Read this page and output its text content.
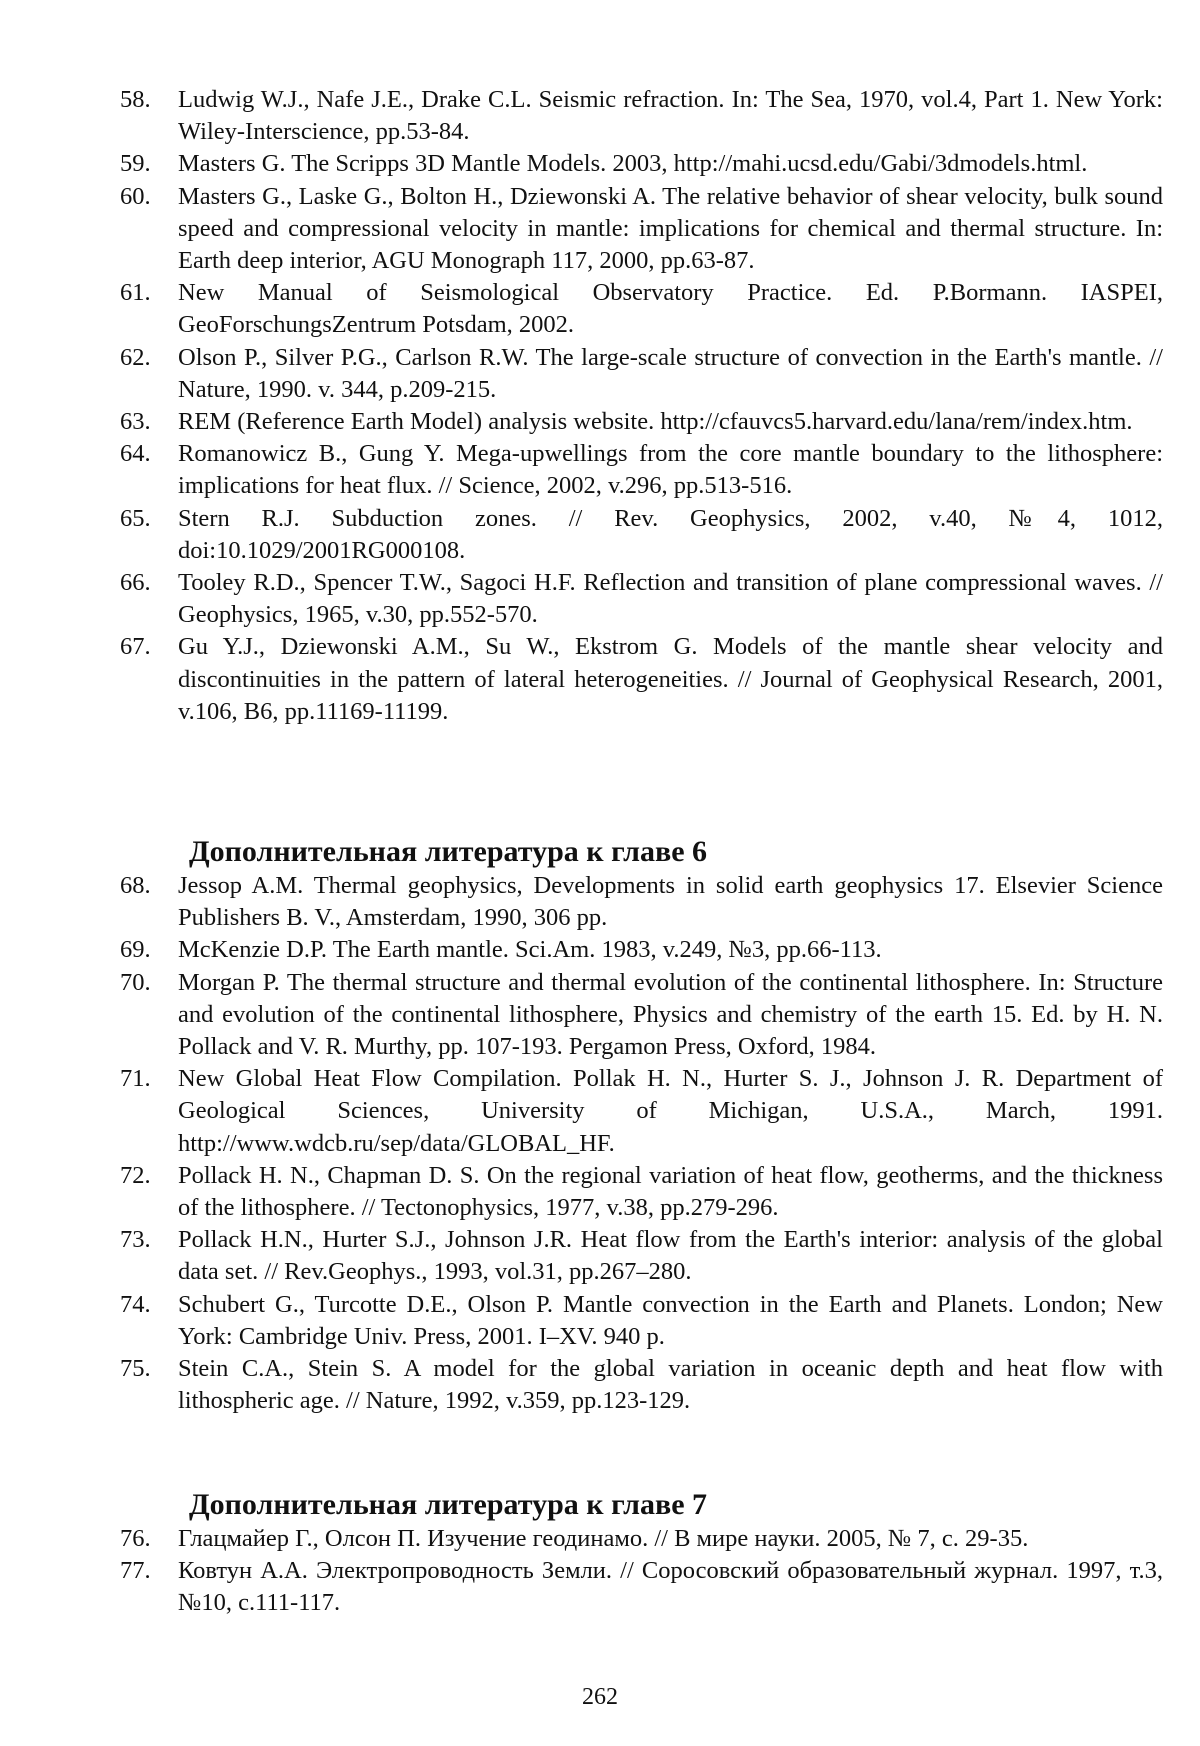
58.	Ludwig W.J., Nafe J.E., Drake C.L. Seismic refraction. In: The Sea, 1970, vol.4, Part 1. New York: Wiley-Interscience, pp.53-84.
59.	Masters G. The Scripps 3D Mantle Models. 2003, http://mahi.ucsd.edu/Gabi/3dmodels.html.
60.	Masters G., Laske G., Bolton H., Dziewonski A. The relative behavior of shear velocity, bulk sound speed and compressional velocity in mantle: implications for chemical and thermal structure. In: Earth deep interior, AGU Monograph 117, 2000, pp.63-87.
61.	New Manual of Seismological Observatory Practice. Ed. P.Bormann. IASPEI, GeoForschungsZentrum Potsdam, 2002.
62.	Olson P., Silver P.G., Carlson R.W. The large-scale structure of convection in the Earth's mantle. // Nature, 1990. v. 344, p.209-215.
63.	REM (Reference Earth Model) analysis website. http://cfauvcs5.harvard.edu/lana/rem/index.htm.
64.	Romanowicz B., Gung Y. Mega-upwellings from the core mantle boundary to the lithosphere: implications for heat flux. // Science, 2002, v.296, pp.513-516.
65.	Stern R.J. Subduction zones. // Rev. Geophysics, 2002, v.40, №4, 1012, doi:10.1029/2001RG000108.
66.	Tooley R.D., Spencer T.W., Sagoci H.F. Reflection and transition of plane compressional waves. // Geophysics, 1965, v.30, pp.552-570.
67.	Gu Y.J., Dziewonski A.M., Su W., Ekstrom G. Models of the mantle shear velocity and discontinuities in the pattern of lateral heterogeneities. // Journal of Geophysical Research, 2001, v.106, B6, pp.11169-11199.
Дополнительная литература к главе 6
68.	Jessop A.M. Thermal geophysics, Developments in solid earth geophysics 17. Elsevier Science Publishers B. V., Amsterdam, 1990, 306 pp.
69.	McKenzie D.P. The Earth mantle. Sci.Am. 1983, v.249, №3, pp.66-113.
70.	Morgan P. The thermal structure and thermal evolution of the continental lithosphere. In: Structure and evolution of the continental lithosphere, Physics and chemistry of the earth 15. Ed. by H. N. Pollack and V. R. Murthy, pp. 107-193. Pergamon Press, Oxford, 1984.
71.	New Global Heat Flow Compilation. Pollak H. N., Hurter S. J., Johnson J. R. Department of Geological Sciences, University of Michigan, U.S.A., March, 1991. http://www.wdcb.ru/sep/data/GLOBAL_HF.
72.	Pollack H. N., Chapman D. S. On the regional variation of heat flow, geotherms, and the thickness of the lithosphere. // Tectonophysics, 1977, v.38, pp.279-296.
73.	Pollack H.N., Hurter S.J., Johnson J.R. Heat flow from the Earth's interior: analysis of the global data set. // Rev.Geophys., 1993, vol.31, pp.267–280.
74.	Schubert G., Turcotte D.E., Olson P. Mantle convection in the Earth and Planets. London; New York: Cambridge Univ. Press, 2001. I–XV. 940 p.
75.	Stein C.A., Stein S. A model for the global variation in oceanic depth and heat flow with lithospheric age. // Nature, 1992, v.359, pp.123-129.
Дополнительная литература к главе 7
76.	Глацмайер Г., Олсон П. Изучение геодинамо. // В мире науки. 2005, № 7, с. 29-35.
77.	Ковтун А.А. Электропроводность Земли. // Соросовский образовательный журнал. 1997, т.3, №10, с.111-117.
262
